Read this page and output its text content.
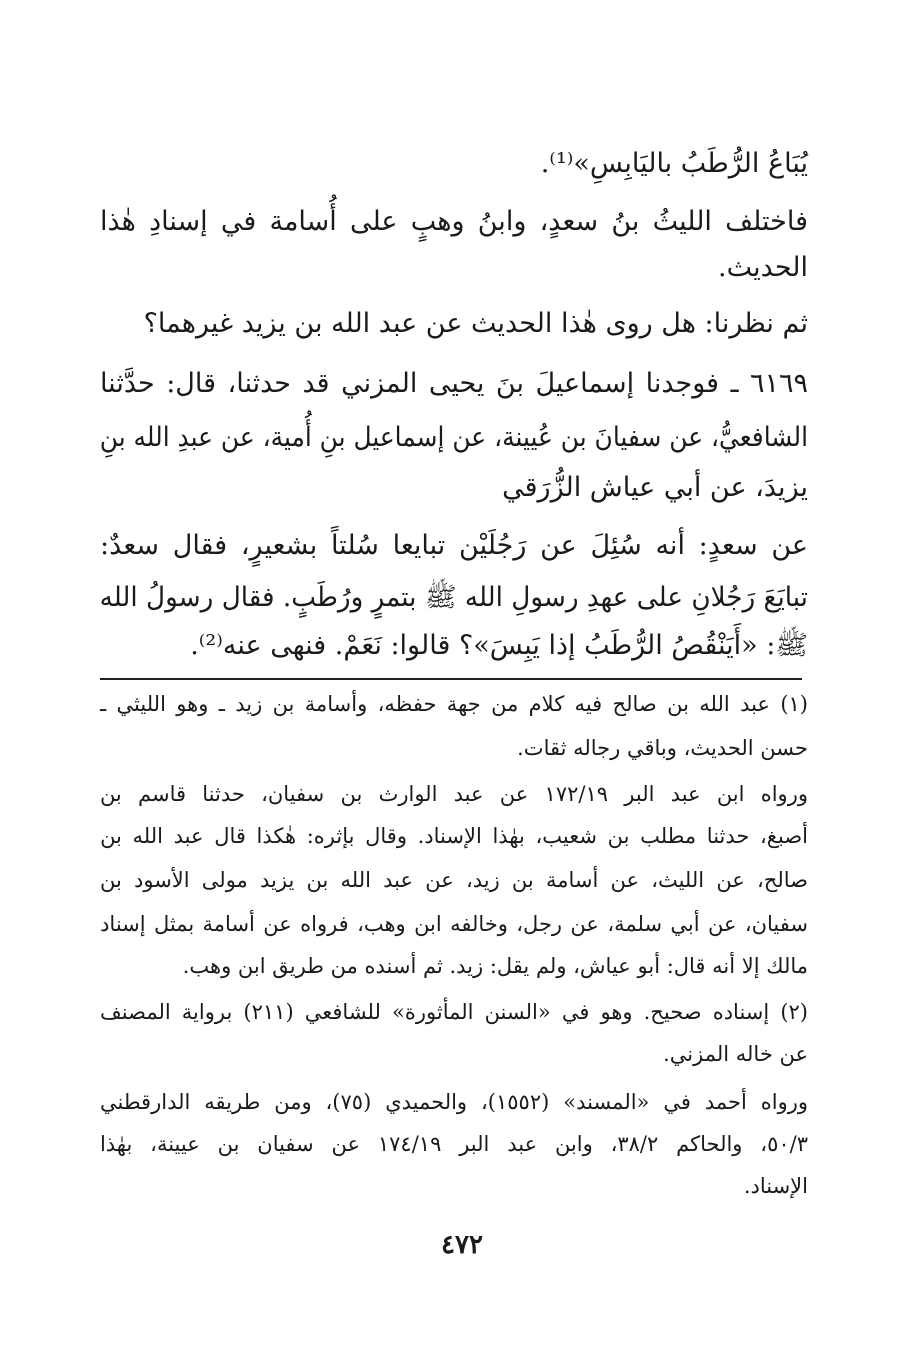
يُبَاعُ الرُّطَبُ باليَابِسِ»⁽¹⁾.
فاختلف الليثُ بنُ سعدٍ، وابنُ وهبٍ على أُسامة في إسنادِ هٰذا
الحديث.
ثم نظرنا: هل روى هٰذا الحديث عن عبد الله بن يزيد غيرهما؟
٦١٦٩ ـ فوجدنا إسماعيلَ بنَ يحيى المزني قد حدثنا، قال: حدَّثنا
الشافعيُّ، عن سفيانَ بن عُيينة، عن إسماعيل بنِ أُمية، عن عبدِ الله بنِ
يزيدَ، عن أبي عياش الزُّرَقي
عن سعدٍ: أنه سُئِلَ عن رَجُلَيْن تبايعا سُلتاً بشعيرٍ، فقال سعدٌ:
تبايَعَ رَجُلانِ على عهدِ رسولِ الله ﷺ بتمرٍ ورُطَبٍ. فقال رسولُ الله
ﷺ: «أَيَنْقُصُ الرُّطَبُ إذا يَبِسَ»؟ قالوا: نَعَمْ. فنهى عنه⁽²⁾.
(١) عبد الله بن صالح فيه كلام من جهة حفظه، وأسامة بن زيد ـ وهو الليثي ـ
حسن الحديث، وباقي رجاله ثقات.
ورواه ابن عبد البر ١٧٢/١٩ عن عبد الوارث بن سفيان، حدثنا قاسم بن
أصبغ، حدثنا مطلب بن شعيب، بهٰذا الإسناد. وقال بإثره: هٰكذا قال عبد الله بن
صالح، عن الليث، عن أسامة بن زيد، عن عبد الله بن يزيد مولى الأسود بن
سفيان، عن أبي سلمة، عن رجل، وخالفه ابن وهب، فرواه عن أسامة بمثل إسناد
مالك إلا أنه قال: أبو عياش، ولم يقل: زيد. ثم أسنده من طريق ابن وهب.
(٢) إسناده صحيح. وهو في «السنن المأثورة» للشافعي (٢١١) برواية المصنف
عن خاله المزني.
ورواه أحمد في «المسند» (١٥٥٢)، والحميدي (٧٥)، ومن طريقه الدارقطني
٥٠/٣، والحاكم ٣٨/٢، وابن عبد البر ١٧٤/١٩ عن سفيان بن عيينة، بهٰذا
الإسناد.
٤٧٢
